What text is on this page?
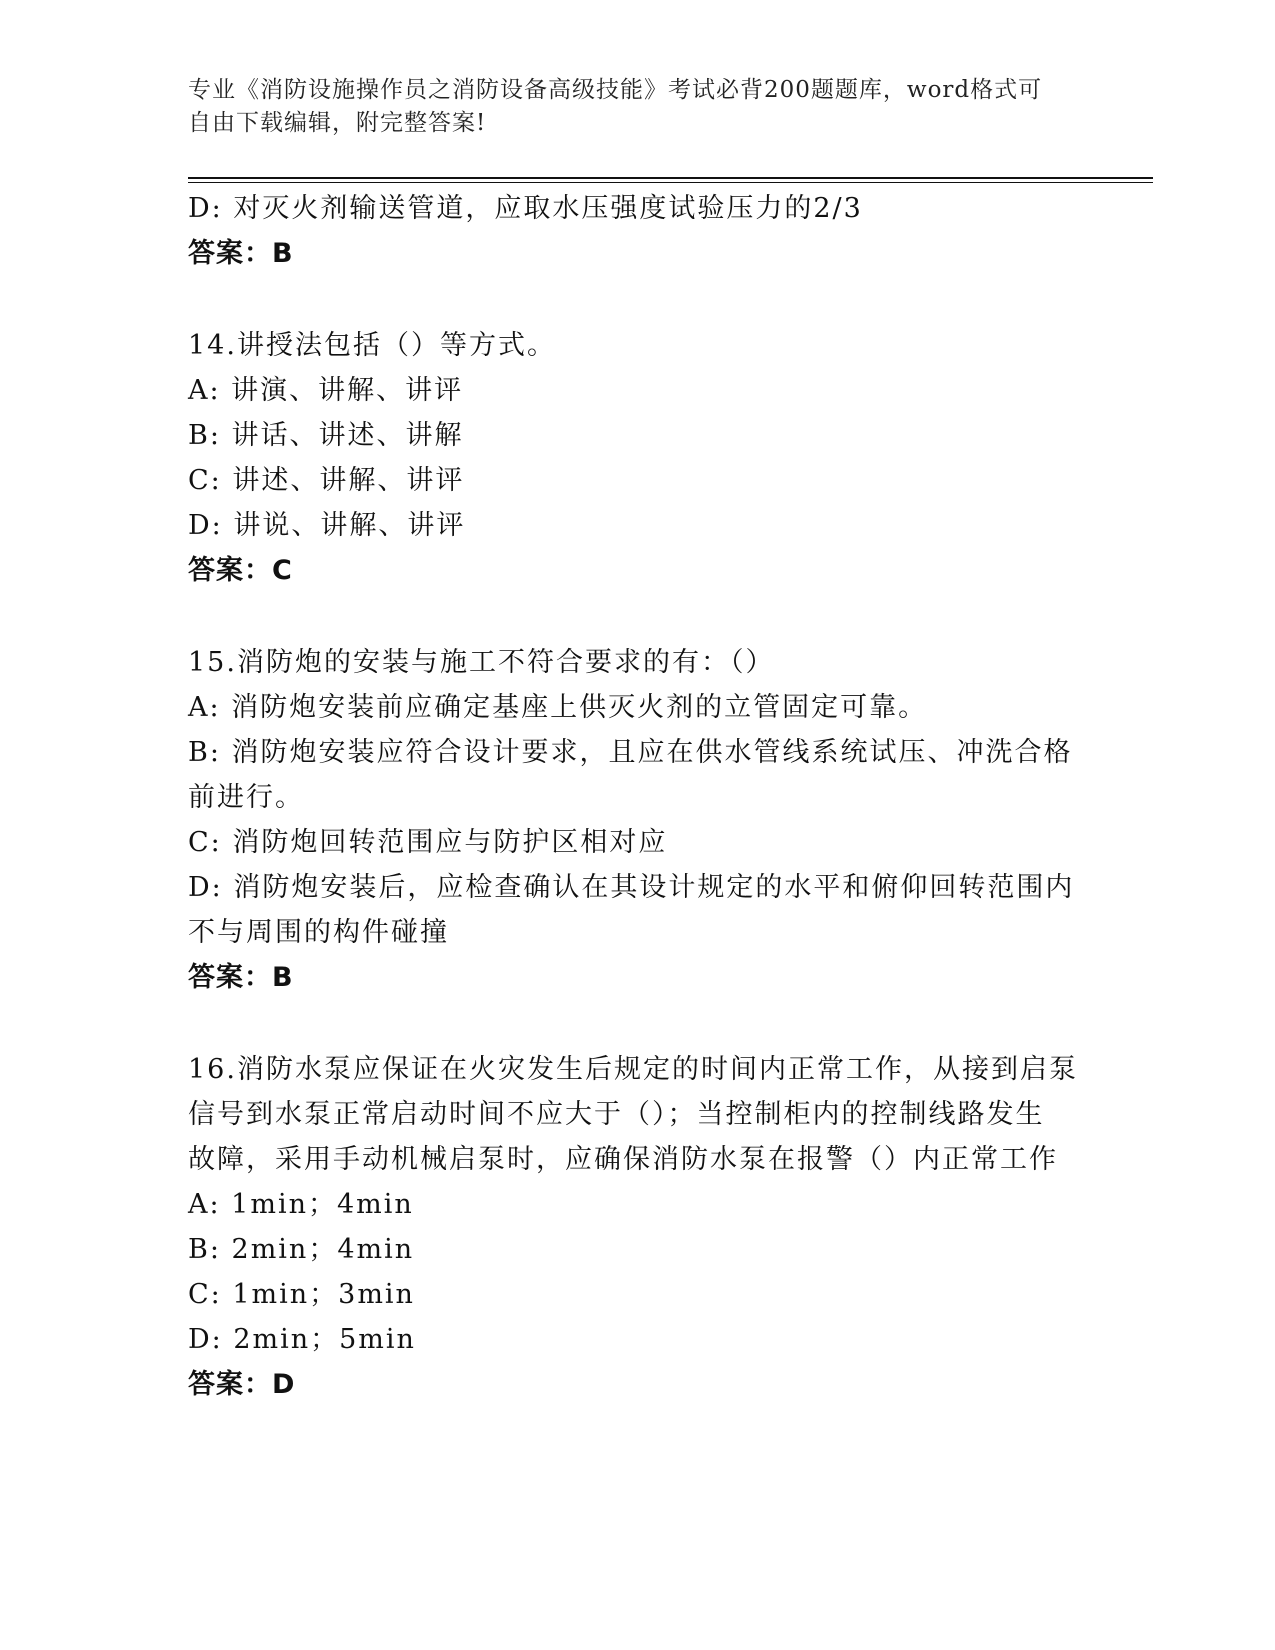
专业《消防设施操作员之消防设备高级技能》考试必背200题题库，word格式可
自由下载编辑，附完整答案!
D: 对灭火剂输送管道，应取水压强度试验压力的2/3
答案：B
14.讲授法包括（）等方式。
A: 讲演、讲解、讲评
B: 讲话、讲述、讲解
C: 讲述、讲解、讲评
D: 讲说、讲解、讲评
答案：C
15.消防炮的安装与施工不符合要求的有：（）
A: 消防炮安装前应确定基座上供灭火剂的立管固定可靠。
B: 消防炮安装应符合设计要求，且应在供水管线系统试压、冲洗合格
前进行。
C: 消防炮回转范围应与防护区相对应
D: 消防炮安装后，应检查确认在其设计规定的水平和俯仰回转范围内
不与周围的构件碰撞
答案：B
16.消防水泵应保证在火灾发生后规定的时间内正常工作，从接到启泵
信号到水泵正常启动时间不应大于（）；当控制柜内的控制线路发生
故障，采用手动机械启泵时，应确保消防水泵在报警（）内正常工作
A: 1min；4min
B: 2min；4min
C: 1min；3min
D: 2min；5min
答案：D
